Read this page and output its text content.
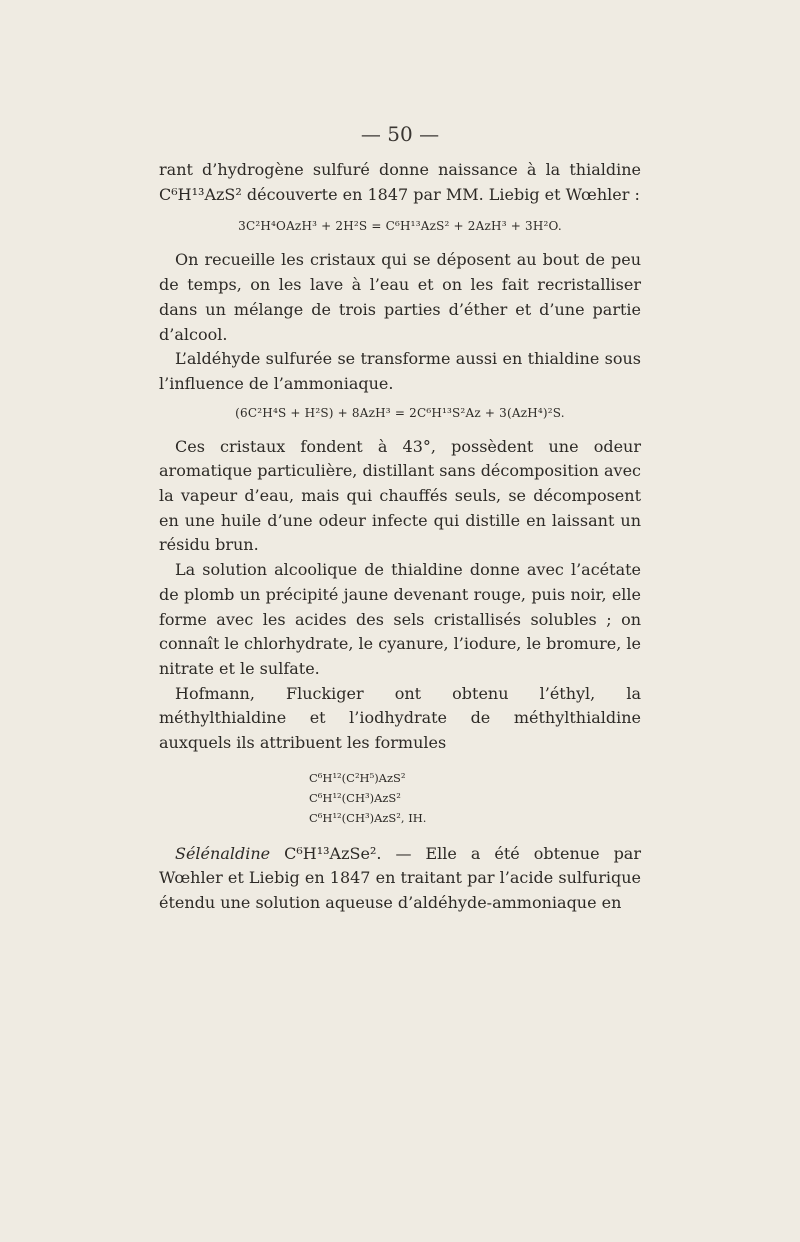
— 50 —

rant d’hydrogène sulfuré donne naissance à la thialdine C⁶H¹³AzS² découverte en 1847 par MM. Liebig et Wœhler :

3C²H⁴OAzH³ + 2H²S = C⁶H¹³AzS² + 2AzH³ + 3H²O.

On recueille les cristaux qui se déposent au bout de peu de temps, on les lave à l’eau et on les fait recristalliser dans un mélange de trois parties d’éther et d’une partie d’alcool.

L’aldéhyde sulfurée se transforme aussi en thialdine sous l’influence de l’ammoniaque.

(6C²H⁴S + H²S) + 8AzH³ = 2C⁶H¹³S²Az + 3(AzH⁴)²S.

Ces cristaux fondent à 43°, possèdent une odeur aromatique particulière, distillant sans décomposition avec la vapeur d’eau, mais qui chauffés seuls, se décomposent en une huile d’une odeur infecte qui distille en laissant un résidu brun.

La solution alcoolique de thialdine donne avec l’acétate de plomb un précipité jaune devenant rouge, puis noir, elle forme avec les acides des sels cristallisés solubles ; on connaît le chlorhydrate, le cyanure, l’iodure, le bromure, le nitrate et le sulfate.

Hofmann, Fluckiger ont obtenu l’éthyl, la méthylthialdine et l’iodhydrate de méthylthialdine auxquels ils attribuent les formules

C⁶H¹²(C²H⁵)AzS²
C⁶H¹²(CH³)AzS²
C⁶H¹²(CH³)AzS², IH.

Sélénaldine C⁶H¹³AzSe². — Elle a été obtenue par Wœhler et Liebig en 1847 en traitant par l’acide sulfurique étendu une solution aqueuse d’aldéhyde-ammoniaque en
